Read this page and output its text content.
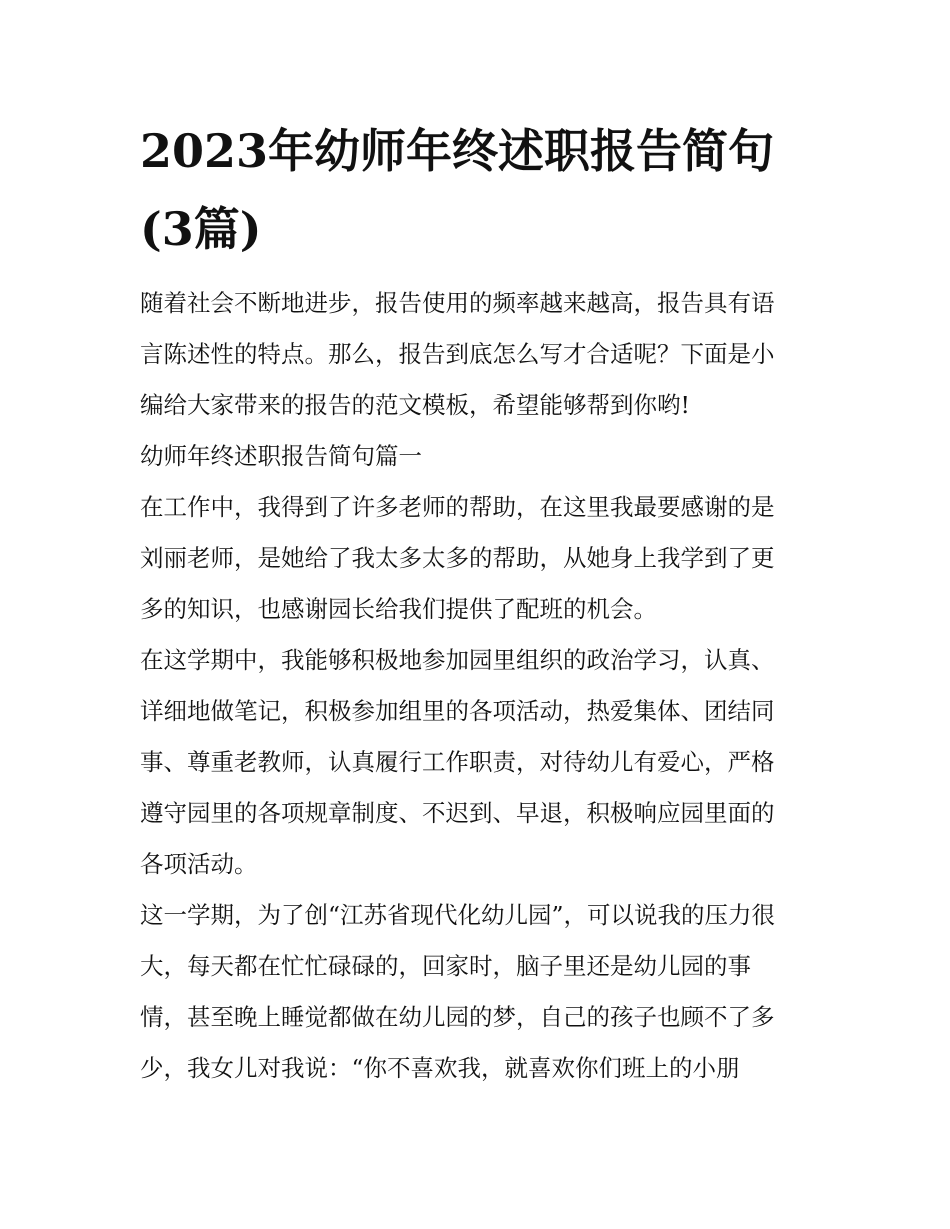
2023年幼师年终述职报告简句
(3篇)
随着社会不断地进步，报告使用的频率越来越高，报告具有语
言陈述性的特点。那么，报告到底怎么写才合适呢？下面是小
编给大家带来的报告的范文模板，希望能够帮到你哟!
幼师年终述职报告简句篇一
在工作中，我得到了许多老师的帮助，在这里我最要感谢的是
刘丽老师，是她给了我太多太多的帮助，从她身上我学到了更
多的知识，也感谢园长给我们提供了配班的机会。
在这学期中，我能够积极地参加园里组织的政治学习，认真、
详细地做笔记，积极参加组里的各项活动，热爱集体、团结同
事、尊重老教师，认真履行工作职责，对待幼儿有爱心，严格
遵守园里的各项规章制度、不迟到、早退，积极响应园里面的
各项活动。
这一学期，为了创“江苏省现代化幼儿园”，可以说我的压力很
大，每天都在忙忙碌碌的，回家时，脑子里还是幼儿园的事
情，甚至晚上睡觉都做在幼儿园的梦，自己的孩子也顾不了多
少，我女儿对我说：“你不喜欢我，就喜欢你们班上的小朋
